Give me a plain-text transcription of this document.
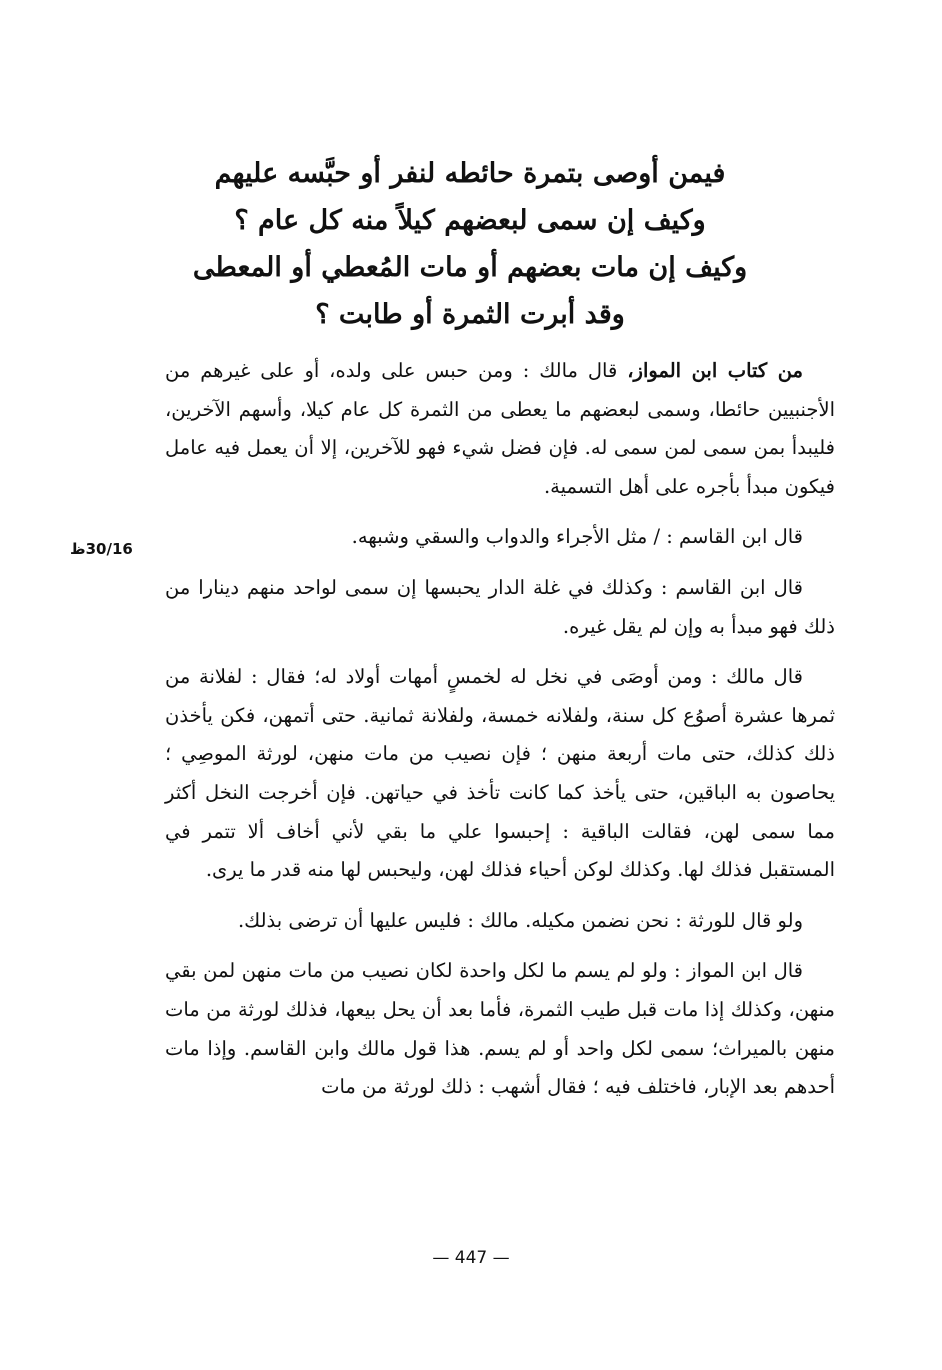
فيمن أوصى بتمرة حائطه لنفر أو حبَّسه عليهم
وكيف إن سمى لبعضهم كيلاً منه كل عام ؟
وكيف إن مات بعضهم أو مات المُعطي أو المعطى
وقد أبرت الثمرة أو طابت ؟
30/16ظ

من كتاب ابن المواز، قال مالك : ومن حبس على ولده، أو على غيرهم من الأجنبيين حائطا، وسمى لبعضهم ما يعطى من الثمرة كل عام كيلا، وأسهم الآخرين، فليبدأ بمن سمى لمن سمى له. فإن فضل شيء فهو للآخرين، إلا أن يعمل فيه عامل فيكون مبدأ بأجره على أهل التسمية.

قال ابن القاسم : / مثل الأجراء والدواب والسقي وشبهه.

قال ابن القاسم : وكذلك في غلة الدار يحبسها إن سمى لواحد منهم دينارا من ذلك فهو مبدأ به وإن لم يقل غيره.

قال مالك : ومن أوصَى في نخل له لخمسٍ أمهات أولاد له؛ فقال : لفلانة من ثمرها عشرة أصوُع كل سنة، ولفلانه خمسة، ولفلانة ثمانية. حتى أتمهن، فكن يأخذن ذلك كذلك، حتى مات أربعة منهن ؛ فإن نصيب من مات منهن، لورثة الموصِي ؛ يحاصون به الباقين، حتى يأخذ كما كانت تأخذ في حياتهن. فإن أخرجت النخل أكثر مما سمى لهن، فقالت الباقية : إحبسوا علي ما بقي لأني أخاف ألا تتمر في المستقبل فذلك لها. وكذلك لوكن أحياء فذلك لهن، وليحبس لها منه قدر ما يرى.

ولو قال للورثة : نحن نضمن مكيله. مالك : فليس عليها أن ترضى بذلك.

قال ابن المواز : ولو لم يسم ما لكل واحدة لكان نصيب من مات منهن لمن بقي منهن، وكذلك إذا مات قبل طيب الثمرة، فأما بعد أن يحل بيعها، فذلك لورثة من مات منهن بالميراث؛ سمى لكل واحد أو لم يسم. هذا قول مالك وابن القاسم. وإذا مات أحدهم بعد الإبار، فاختلف فيه ؛ فقال أشهب : ذلك لورثة من مات

— 447 —
